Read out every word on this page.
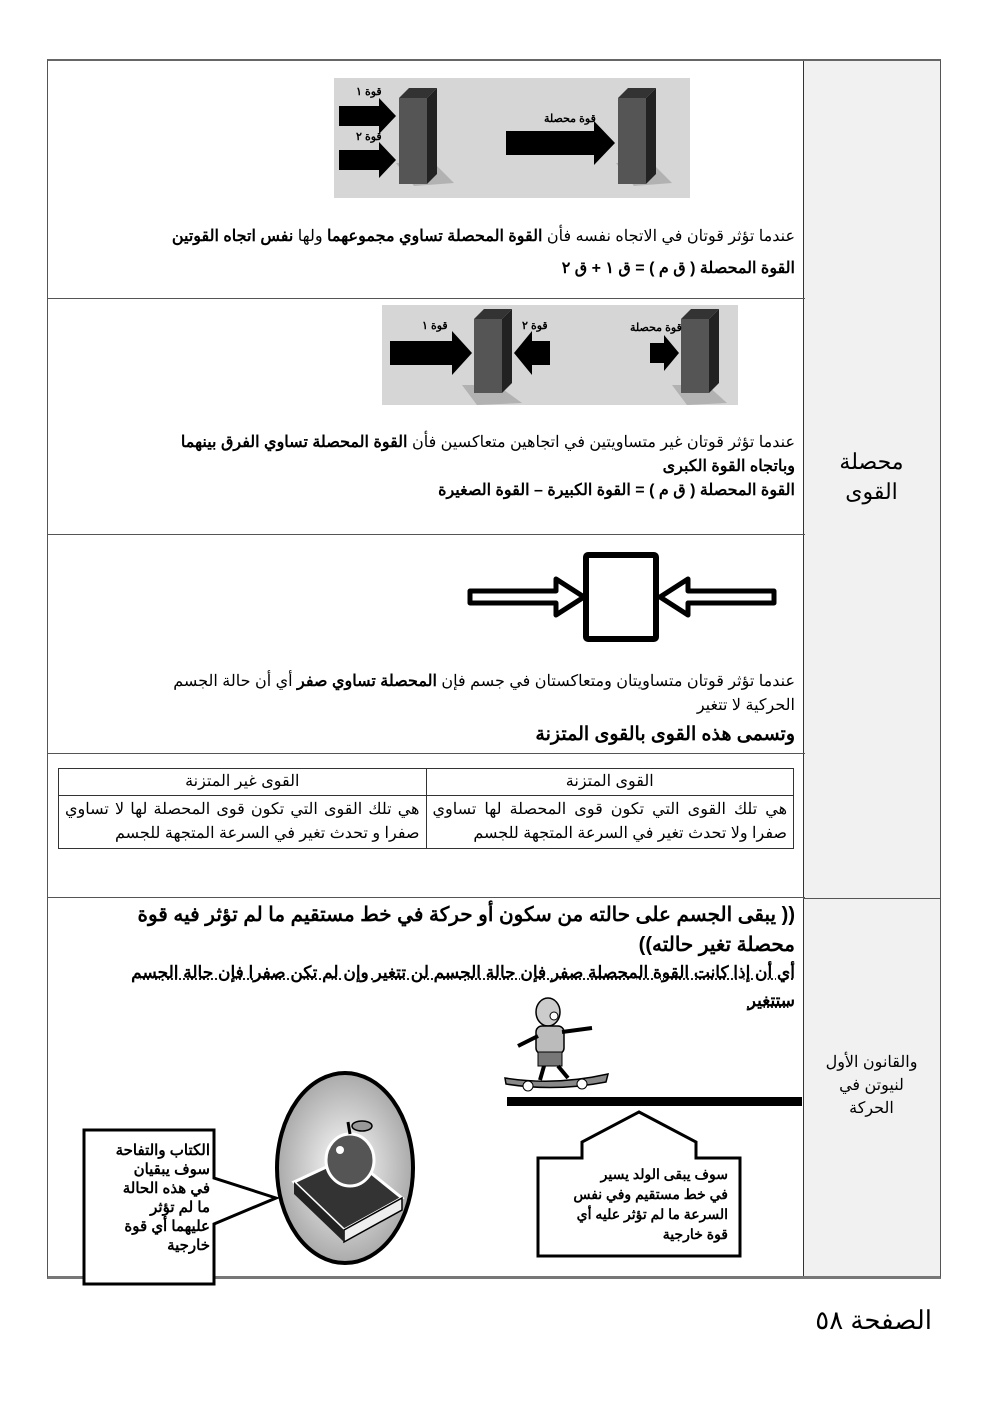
محصلة
القوى
والقانون الأول
لنيوتن في
الحركة
قوة ١
قوة ٢
قوة محصلة
عندما تؤثر قوتان في الاتجاه نفسه فأن القوة المحصلة تساوي مجموعهما ولها نفس اتجاه القوتين
القوة المحصلة ( ق م ) = ق ١ + ق ٢
قوة ١	قوة ٢	قوة محصلة
عندما تؤثر قوتان غير متساويتين في اتجاهين متعاكسين فأن القوة المحصلة تساوي الفرق بينهما
وباتجاه القوة الكبرى
القوة المحصلة ( ق م ) = القوة الكبيرة – القوة الصغيرة
عندما تؤثر قوتان متساويتان ومتعاكستان في جسم فإن المحصلة تساوي صفر أي أن حالة الجسم
الحركية لا تتغير
وتسمى هذه القوى بالقوى المتزنة
القوى المتزنة	القوى غير المتزنة
هي تلك القوى التي تكون قوى المحصلة لها تساوي صفرا ولا تحدث تغير في السرعة المتجهة للجسم	هي تلك القوى التي تكون قوى المحصلة لها لا تساوي صفرا و تحدث تغير في السرعة المتجهة للجسم
(( يبقى الجسم على حالته من سكون أو حركة في خط مستقيم ما لم تؤثر فيه قوة
محصلة تغير حالته))
أي أن إذا كانت القوة المحصلة صفر فإن حالة الجسم لن تتغير وإن لم تكن صفرا فإن حالة الجسم
ستتغير
سوف يبقى الولد يسير
في خط مستقيم وفي نفس
السرعة ما لم تؤثر عليه أي
قوة خارجية
الكتاب والتفاحة
سوف يبقيان
في هذه الحالة
ما لم تؤثر
عليهما أي قوة
خارجية
الصفحة ٥٨
